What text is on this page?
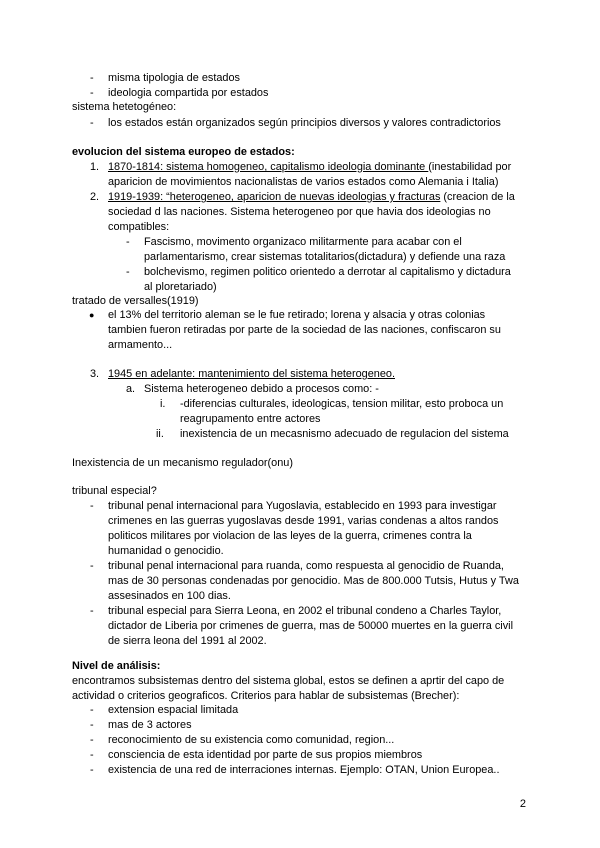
- misma tipologia de estados
- ideologia compartida por estados
sistema hetetogéneo:
- los estados están organizados según principios diversos y valores contradictorios
evolucion del sistema europeo de estados:
1. 1870-1814: sistema homogeneo, capitalismo ideologia dominante (inestabilidad por
aparicion de movimientos nacionalistas de varios estados como Alemania i Italia)
2. 1919-1939: “heterogeneo, aparicion de nuevas ideologias y fracturas (creacion de la
sociedad d las naciones. Sistema heterogeneo por que havia dos ideologias no
compatibles:
- Fascismo, movimento organizaco militarmente para acabar con el
parlamentarismo, crear sistemas totalitarios(dictadura) y defiende una raza
- bolchevismo, regimen politico orientedo a derrotar al capitalismo y dictadura
al ploretariado)
tratado de versalles(1919)
● el 13% del territorio aleman se le fue retirado; lorena y alsacia y otras colonias
tambien fueron retiradas por parte de la sociedad de las naciones, confiscaron su
armamento...
3. 1945 en adelante: mantenimiento del sistema heterogeneo.
a. Sistema heterogeneo debido a procesos como: -
i. -diferencias culturales, ideologicas, tension militar, esto proboca un
reagrupamento entre actores
ii. inexistencia de un mecasnismo adecuado de regulacion del sistema
Inexistencia de un mecanismo regulador(onu)
tribunal especial?
- tribunal penal internacional para Yugoslavia, establecido en 1993 para investigar
crimenes en las guerras yugoslavas desde 1991, varias condenas a altos randos
politicos militares por violacion de las leyes de la guerra, crimenes contra la
humanidad o genocidio.
- tribunal penal internacional para ruanda, como respuesta al genocidio de Ruanda,
mas de 30 personas condenadas por genocidio. Mas de 800.000 Tutsis, Hutus y Twa
assesinados en 100 dias.
- tribunal especial para Sierra Leona, en 2002 el tribunal condeno a Charles Taylor,
dictador de Liberia por crimenes de guerra, mas de 50000 muertes en la guerra civil
de sierra leona del 1991 al 2002.
Nivel de análisis:
encontramos subsistemas dentro del sistema global, estos se definen a aprtir del capo de
actividad o criterios geograficos. Criterios para hablar de subsistemas (Brecher):
- extension espacial limitada
- mas de 3 actores
- reconocimiento de su existencia como comunidad, region...
- consciencia de esta identidad por parte de sus propios miembros
- existencia de una red de interraciones internas. Ejemplo: OTAN, Union Europea..
2
